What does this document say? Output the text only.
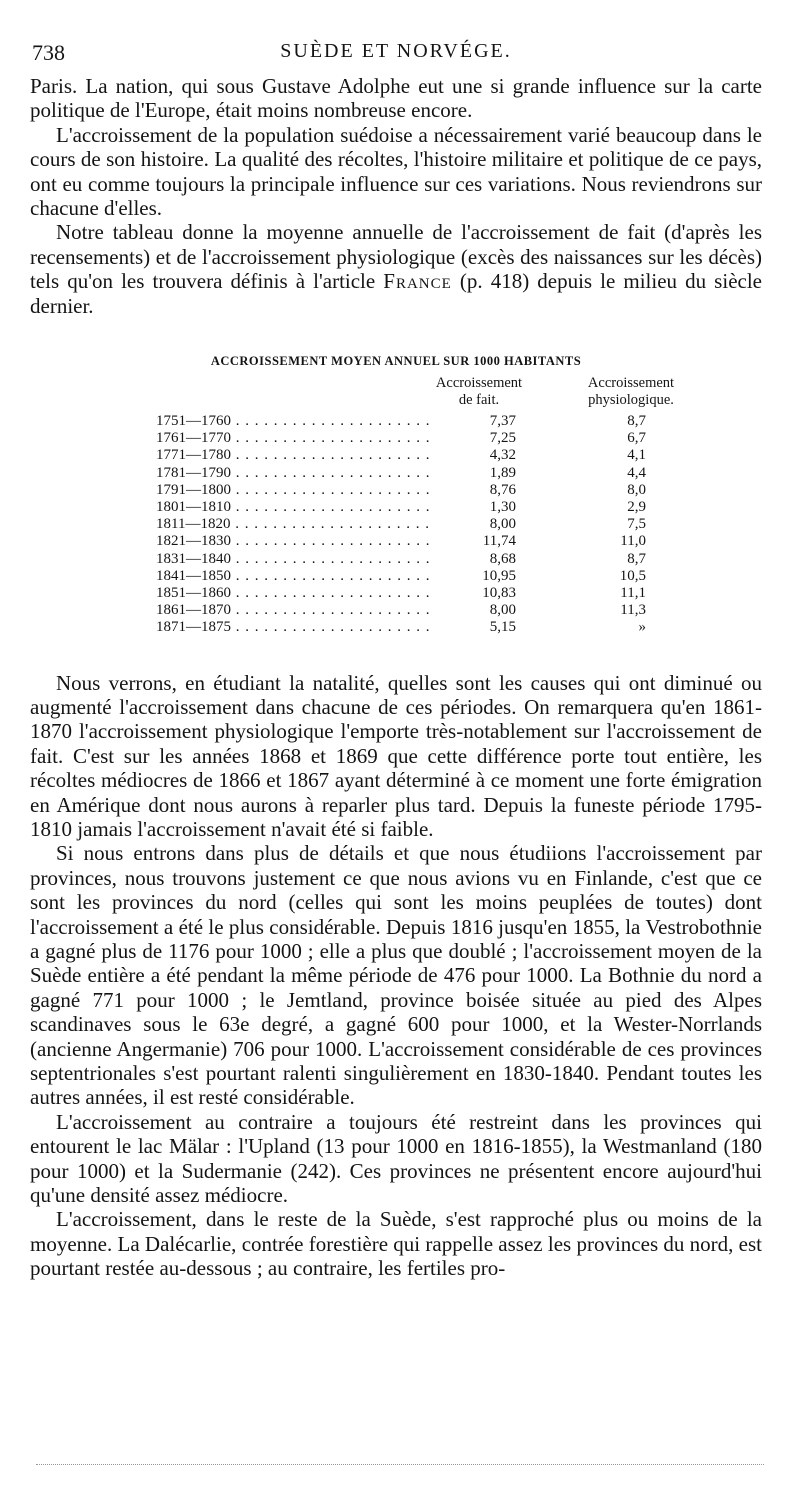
738	SUÈDE ET NORVÉGE.

Paris. La nation, qui sous Gustave Adolphe eut une si grande influence sur la carte politique de l'Europe, était moins nombreuse encore.

L'accroissement de la population suédoise a nécessairement varié beaucoup dans le cours de son histoire. La qualité des récoltes, l'histoire militaire et politique de ce pays, ont eu comme toujours la principale influence sur ces variations. Nous reviendrons sur chacune d'elles.

Notre tableau donne la moyenne annuelle de l'accroissement de fait (d'après les recensements) et de l'accroissement physiologique (excès des naissances sur les décès) tels qu'on les trouvera définis à l'article France (p. 418) depuis le milieu du siècle dernier.

ACCROISSEMENT MOYEN ANNUEL SUR 1000 HABITANTS
Accroissement
de fait.
Accroissement
physiologique.
1751—1760 . . .	7,37	8,7
1761—1770 . . .	7,25	6,7
1771—1780 . . .	4,32	4,1
1781—1790 . . .	1,89	4,4
1791—1800 . . .	8,76	8,0
1801—1810 . . .	1,30	2,9
1811—1820 . . .	8,00	7,5
1821—1830 . . .	11,74	11,0
1831—1840 . . .	8,68	8,7
1841—1850 . . .	10,95	10,5
1851—1860 . . .	10,83	11,1
1861—1870 . . .	8,00	11,3
1871—1875 . . .	5,15	»

Nous verrons, en étudiant la natalité, quelles sont les causes qui ont diminué ou augmenté l'accroissement dans chacune de ces périodes. On remarquera qu'en 1861-1870 l'accroissement physiologique l'emporte très-notablement sur l'accroissement de fait. C'est sur les années 1868 et 1869 que cette différence porte tout entière, les récoltes médiocres de 1866 et 1867 ayant déterminé à ce moment une forte émigration en Amérique dont nous aurons à reparler plus tard. Depuis la funeste période 1795-1810 jamais l'accroissement n'avait été si faible.

Si nous entrons dans plus de détails et que nous étudiions l'accroissement par provinces, nous trouvons justement ce que nous avions vu en Finlande, c'est que ce sont les provinces du nord (celles qui sont les moins peuplées de toutes) dont l'accroissement a été le plus considérable. Depuis 1816 jusqu'en 1855, la Vestrobothnie a gagné plus de 1176 pour 1000 ; elle a plus que doublé ; l'accroissement moyen de la Suède entière a été pendant la même période de 476 pour 1000. La Bothnie du nord a gagné 771 pour 1000 ; le Jemtland, province boisée située au pied des Alpes scandinaves sous le 63e degré, a gagné 600 pour 1000, et la Wester-Norrlands (ancienne Angermanie) 706 pour 1000. L'accroissement considérable de ces provinces septentrionales s'est pourtant ralenti singulièrement en 1830-1840. Pendant toutes les autres années, il est resté considérable.

L'accroissement au contraire a toujours été restreint dans les provinces qui entourent le lac Mälar : l'Upland (13 pour 1000 en 1816-1855), la Westmanland (180 pour 1000) et la Sudermanie (242). Ces provinces ne présentent encore aujourd'hui qu'une densité assez médiocre.

L'accroissement, dans le reste de la Suède, s'est rapproché plus ou moins de la moyenne. La Dalécarlie, contrée forestière qui rappelle assez les provinces du nord, est pourtant restée au-dessous ; au contraire, les fertiles pro-
